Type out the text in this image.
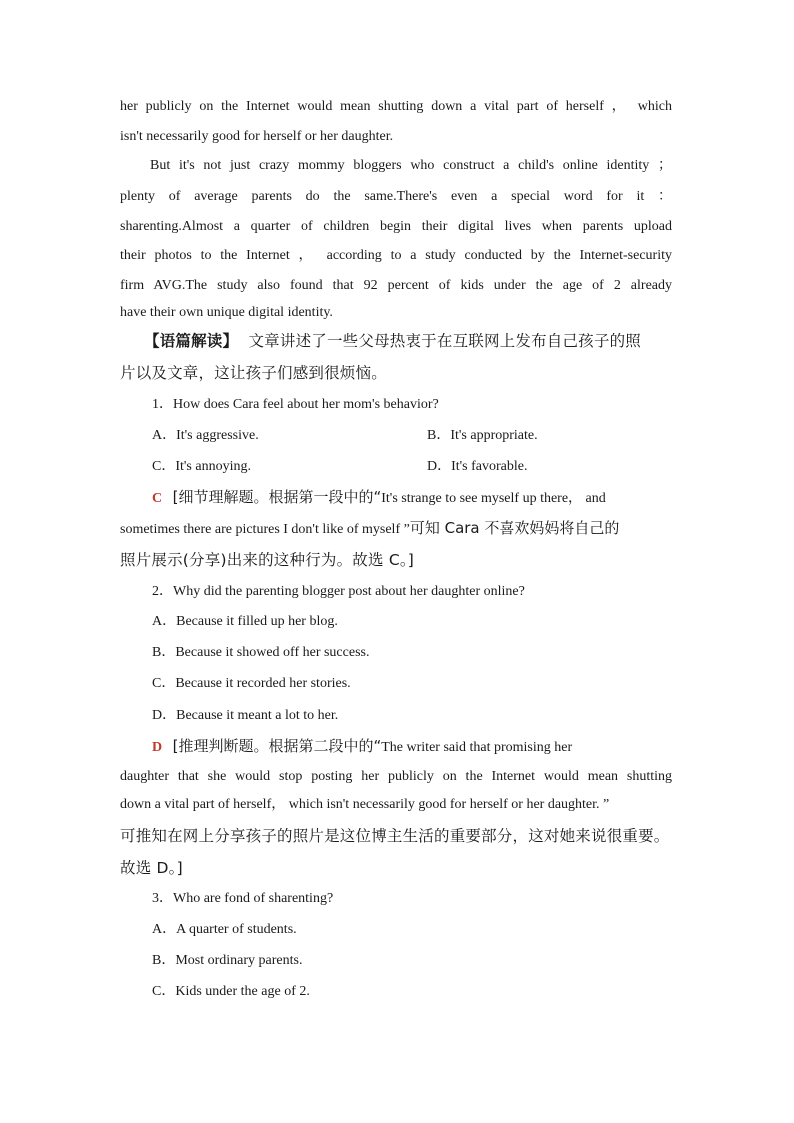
her publicly on the Internet would mean shutting down a vital part of herself ， which
isn't necessarily good for herself or her daughter.
But it's not just crazy mommy bloggers who construct a child's online identity ；
plenty of average parents do the same.There's even a special word for it ：
sharenting.Almost a quarter of children begin their digital lives when parents upload
their photos to the Internet ， according to a study conducted by the Internet-security
firm AVG.The study also found that 92 percent of kids under the age of 2 already
have their own unique digital identity.
【语篇解读】 文章讲述了一些父母热衷于在互联网上发布自己孩子的照
片以及文章，这让孩子们感到很烦恼。
1．How does Cara feel about her mom's behavior?
A．It's aggressive.	B．It's appropriate.
C．It's annoying.	D．It's favorable.
C [细节理解题。根据第一段中的“It's strange to see myself up there， and
sometimes there are pictures I don't like of myself ”可知 Cara 不喜欢妈妈将自己的
照片展示(分享)出来的这种行为。故选 C。]
2．Why did the parenting blogger post about her daughter online?
A．Because it filled up her blog.
B．Because it showed off her success.
C．Because it recorded her stories.
D．Because it meant a lot to her.
D [推理判断题。根据第二段中的“The writer said that promising her
daughter that she would stop posting her publicly on the Internet would mean shutting
down a vital part of herself， which isn't necessarily good for herself or her daughter. ”
可推知在网上分享孩子的照片是这位博主生活的重要部分，这对她来说很重要。
故选 D。]
3．Who are fond of sharenting?
A．A quarter of students.
B．Most ordinary parents.
C．Kids under the age of 2.
